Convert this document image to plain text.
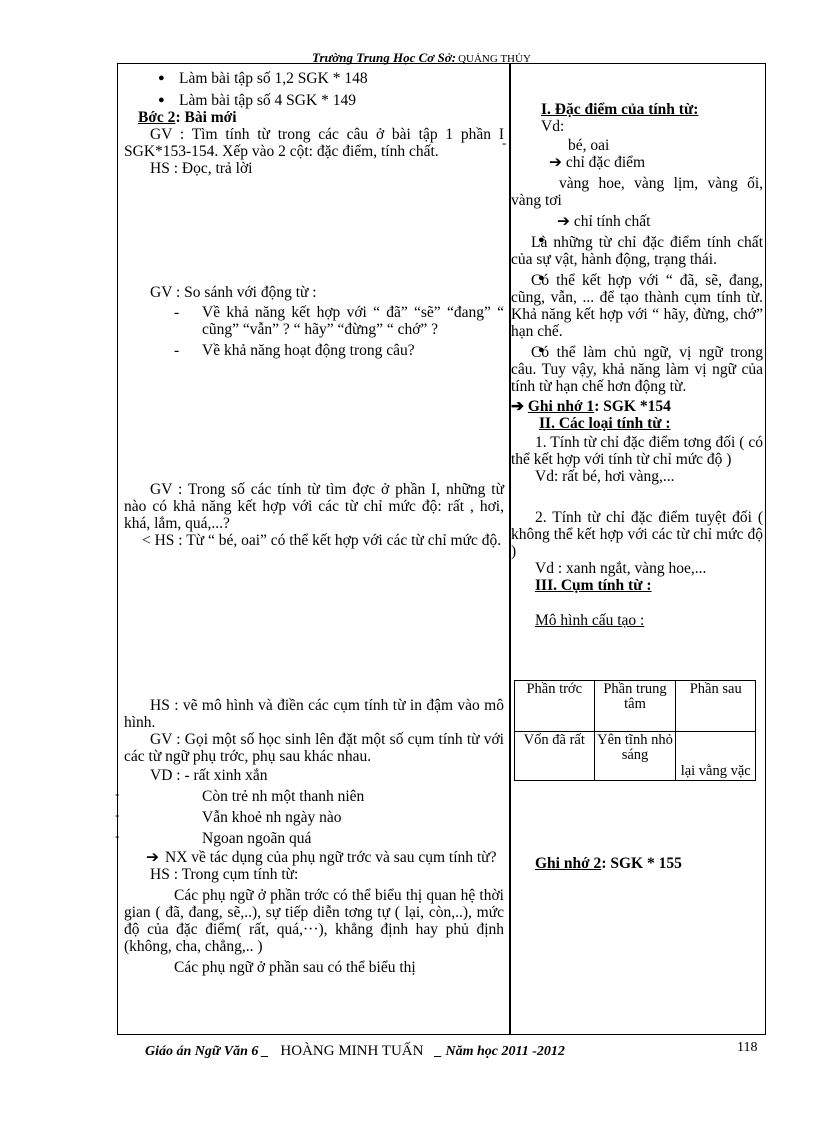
Trường Trung Học Cơ Sở: QUẢNG THỦY

● Làm bài tập số 1,2 SGK * 148

● Làm bài tập số 4 SGK * 149

Bớc 2: Bài mới

GV : Tìm tính từ trong các câu ở bài tập 1 phần I SGK*153-154. Xếp vào 2 cột: đặc điểm, tính chất.

HS : Đọc, trả lời

GV : So sánh với động từ :

- Về khả năng kết hợp với “ đã” “sẽ” “đang” “ cũng” “vẫn” ? “ hãy” “đừng” “ chớ” ?

- Về khả năng hoạt động trong câu?

GV : Trong số các tính từ tìm đợc ở phần I, những từ nào có khả năng kết hợp với các từ chỉ mức độ: rất , hơi, khá, lắm, quá,...?

< HS : Từ “ bé, oai” có thể kết hợp với các từ chỉ mức độ.

HS : vẽ mô hình và điền các cụm tính từ in đậm vào mô hình.

GV : Gọi một số học sinh lên đặt một số cụm tính từ với các từ ngữ phụ trớc, phụ sau khác nhau.

VD : - rất xinh xắn

- Còn trẻ nh một thanh niên

- Vẫn khoẻ nh ngày nào

- Ngoan ngoãn quá

➔ NX về tác dụng của phụ ngữ trớc và sau cụm tính từ?

HS : Trong cụm tính từ:

Các phụ ngữ ở phần trớc có thể biểu thị quan hệ thời gian ( đã, đang, sẽ,..), sự tiếp diễn tơng tự ( lại, còn,..), mức độ của đặc điểm( rất, quá,···), khẳng định hay phủ định (không, cha, chẳng,.. )

Các phụ ngữ ở phần sau có thể biểu thị

I. Đặc điểm của tính từ:

Vd:

- bé, oai

➔ chỉ đặc điểm

vàng hoe, vàng lịm, vàng ối, vàng tơi

➔ chỉ tính chất

Là những từ chỉ đặc điểm tính chất của sự vật, hành động, trạng thái. ●

Có thể kết hợp với “ đã, sẽ, đang, cũng, vẫn, ... để tạo thành cụm tính từ. Khả năng kết hợp với “ hãy, đừng, chớ” hạn chế. ●

Có thể làm chủ ngữ, vị ngữ trong câu. Tuy vậy, khả năng làm vị ngữ của tính từ hạn chế hơn động từ. ●

➔ Ghi nhớ 1: SGK *154

II. Các loại tính từ :

1. Tính từ chỉ đặc điểm tơng đối ( có thể kết hợp với tính từ chỉ mức độ )

Vd: rất bé, hơi vàng,...

2. Tính từ chỉ đặc điểm tuyệt đối ( không thể kết hợp với các từ chỉ mức độ )

Vd : xanh ngắt, vàng hoe,...

III. Cụm tính từ :

Mô hình cấu tạo :

Phần trớc	Phần trung tâm	Phần sau
Vốn đã rất	Yên tĩnh nhỏ sáng	lại vằng vặc

Ghi nhớ 2: SGK * 155

Giáo án Ngữ Văn 6 _ HOÀNG MINH TUẤN _ Năm học 2011 -2012	118
